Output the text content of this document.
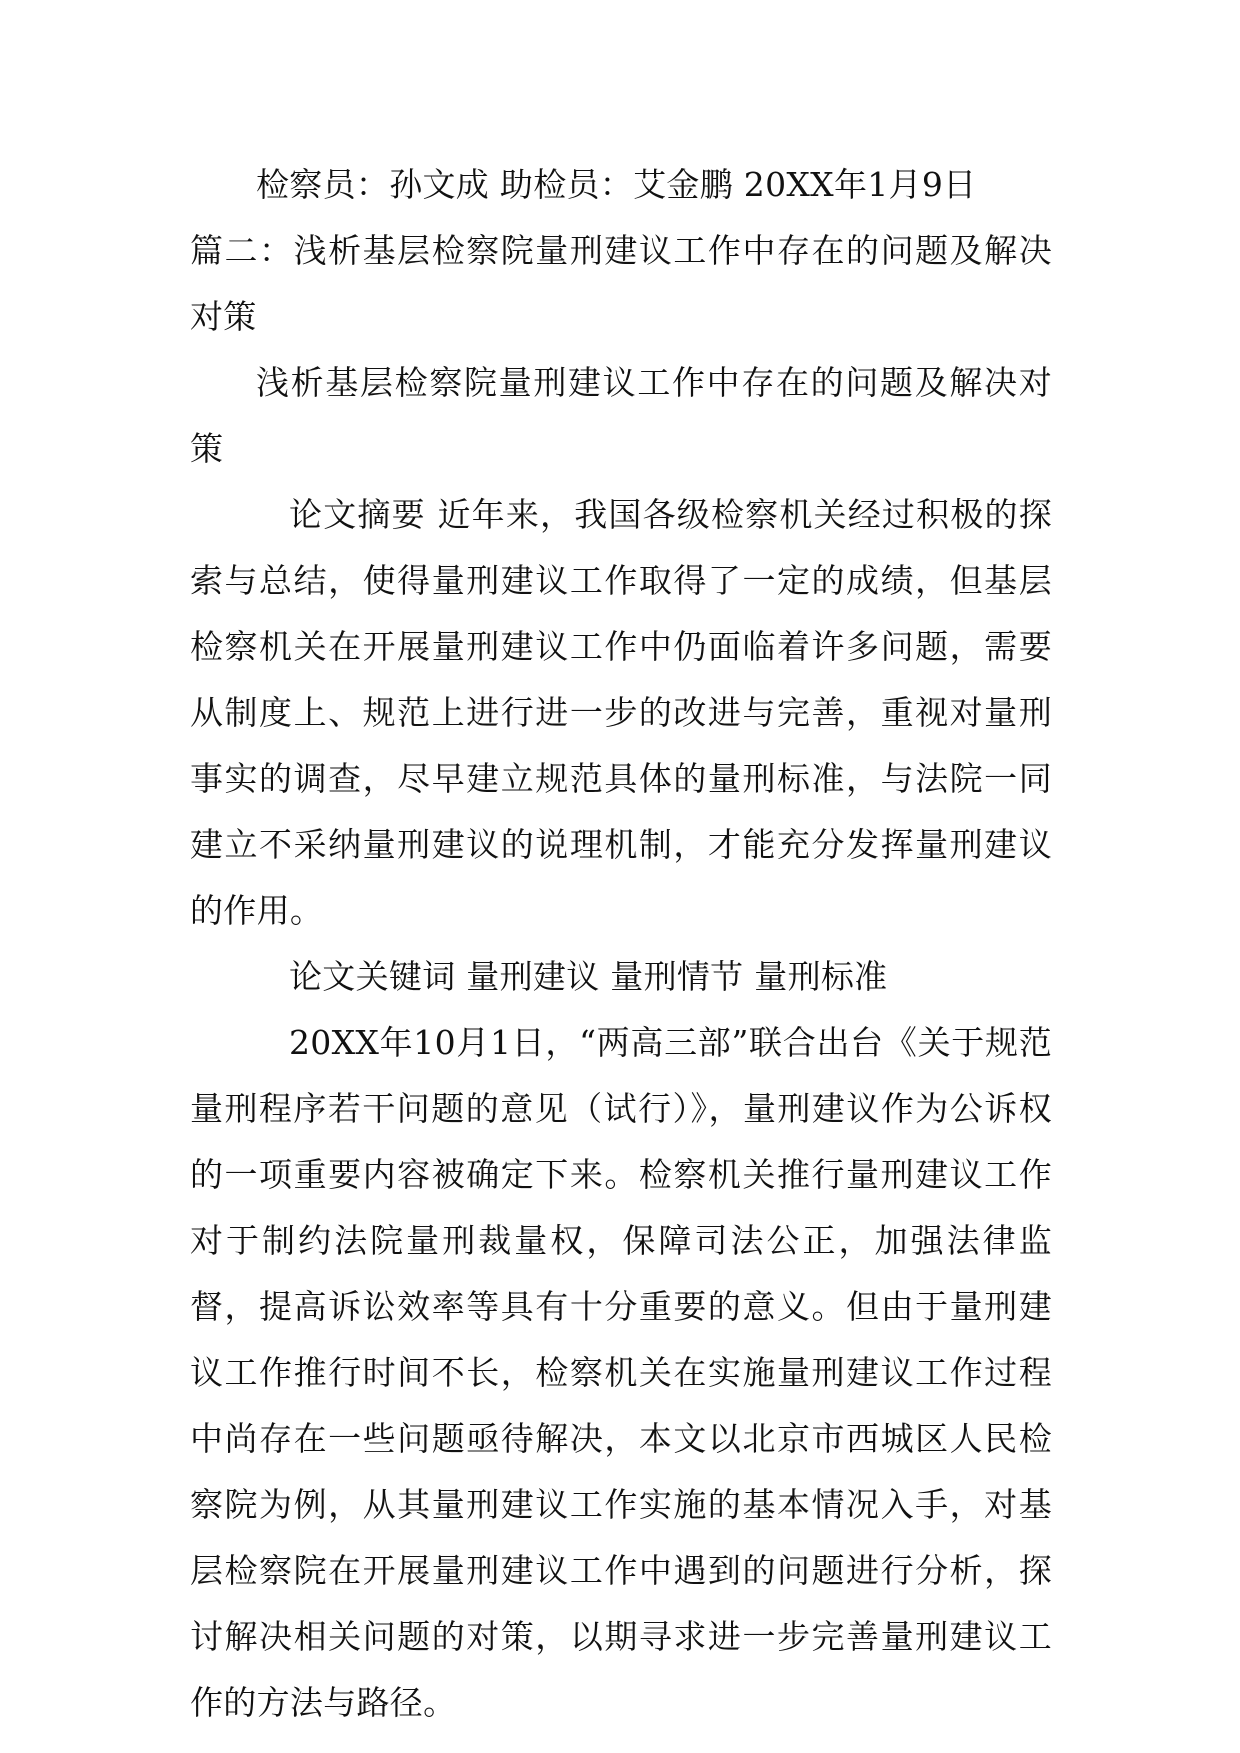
检察员：孙文成 助检员：艾金鹏 20XX年1月9日

篇二：浅析基层检察院量刑建议工作中存在的问题及解决对策

浅析基层检察院量刑建议工作中存在的问题及解决对策

论文摘要 近年来，我国各级检察机关经过积极的探索与总结，使得量刑建议工作取得了一定的成绩，但基层检察机关在开展量刑建议工作中仍面临着许多问题，需要从制度上、规范上进行进一步的改进与完善，重视对量刑事实的调查，尽早建立规范具体的量刑标准，与法院一同建立不采纳量刑建议的说理机制，才能充分发挥量刑建议的作用。

论文关键词 量刑建议 量刑情节 量刑标准

20XX年10月1日，“两高三部”联合出台《关于规范量刑程序若干问题的意见（试行）》，量刑建议作为公诉权的一项重要内容被确定下来。检察机关推行量刑建议工作对于制约法院量刑裁量权，保障司法公正，加强法律监督，提高诉讼效率等具有十分重要的意义。但由于量刑建议工作推行时间不长，检察机关在实施量刑建议工作过程中尚存在一些问题亟待解决，本文以北京市西城区人民检察院为例，从其量刑建议工作实施的基本情况入手，对基层检察院在开展量刑建议工作中遇到的问题进行分析，探讨解决相关问题的对策，以期寻求进一步完善量刑建议工作的方法与路径。
